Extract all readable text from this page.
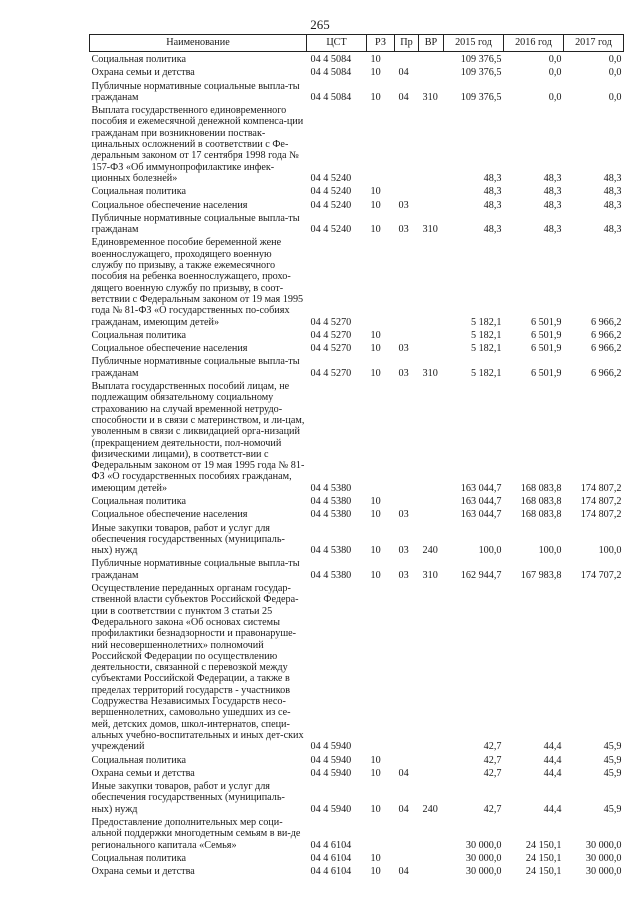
265
Наименование	ЦСТ	РЗ	Пр	ВР	2015 год	2016 год	2017 год
Социальная политика	04 4 5084	10			109 376,5	0,0	0,0
Охрана семьи и детства	04 4 5084	10	04		109 376,5	0,0	0,0
Публичные нормативные социальные выпла-ты гражданам	04 4 5084	10	04	310	109 376,5	0,0	0,0
Выплата государственного единовременного пособия и ежемесячной денежной компенса-ции гражданам при возникновении поствак-цинальных осложнений в соответствии с Фе-деральным законом от 17 сентября 1998 года № 157-ФЗ «Об иммунопрофилактике инфек-ционных болезней»	04 4 5240				48,3	48,3	48,3
Социальная политика	04 4 5240	10			48,3	48,3	48,3
Социальное обеспечение населения	04 4 5240	10	03		48,3	48,3	48,3
Публичные нормативные социальные выпла-ты гражданам	04 4 5240	10	03	310	48,3	48,3	48,3
Единовременное пособие беременной жене военнослужащего, проходящего военную службу по призыву, а также ежемесячного пособия на ребенка военнослужащего, прохо-дящего военную службу по призыву, в соот-ветствии с Федеральным законом от 19 мая 1995 года № 81-ФЗ «О государственных по-собиях гражданам, имеющим детей»	04 4 5270				5 182,1	6 501,9	6 966,2
Социальная политика	04 4 5270	10			5 182,1	6 501,9	6 966,2
Социальное обеспечение населения	04 4 5270	10	03		5 182,1	6 501,9	6 966,2
Публичные нормативные социальные выпла-ты гражданам	04 4 5270	10	03	310	5 182,1	6 501,9	6 966,2
Выплата государственных пособий лицам, не подлежащим обязательному социальному страхованию на случай временной нетрудо-способности и в связи с материнством, и ли-цам, уволенным в связи с ликвидацией орга-низаций (прекращением деятельности, пол-номочий физическими лицами), в соответст-вии с Федеральным законом от 19 мая 1995 года № 81-ФЗ «О государственных пособиях гражданам, имеющим детей»	04 4 5380				163 044,7	168 083,8	174 807,2
Социальная политика	04 4 5380	10			163 044,7	168 083,8	174 807,2
Социальное обеспечение населения	04 4 5380	10	03		163 044,7	168 083,8	174 807,2
Иные закупки товаров, работ и услуг для обеспечения государственных (муниципаль-ных) нужд	04 4 5380	10	03	240	100,0	100,0	100,0
Публичные нормативные социальные выпла-ты гражданам	04 4 5380	10	03	310	162 944,7	167 983,8	174 707,2
Осуществление переданных органам государ-ственной власти субъектов Российской Федера-ции в соответствии с пунктом 3 статьи 25 Федерального закона «Об основах системы профилактики безнадзорности и правонаруше-ний несовершеннолетних» полномочий Российской Федерации по осуществлению деятельности, связанной с перевозкой между субъектами Российской Федерации, а также в пределах территорий государств - участников Содружества Независимых Государств несо-вершеннолетних, самовольно ушедших из се-мей, детских домов, школ-интернатов, специ-альных учебно-воспитательных и иных дет-ских учреждений	04 4 5940				42,7	44,4	45,9
Социальная политика	04 4 5940	10			42,7	44,4	45,9
Охрана семьи и детства	04 4 5940	10	04		42,7	44,4	45,9
Иные закупки товаров, работ и услуг для обеспечения государственных (муниципаль-ных) нужд	04 4 5940	10	04	240	42,7	44,4	45,9
Предоставление дополнительных мер соци-альной поддержки многодетным семьям в ви-де регионального капитала «Семья»	04 4 6104				30 000,0	24 150,1	30 000,0
Социальная политика	04 4 6104	10			30 000,0	24 150,1	30 000,0
Охрана семьи и детства	04 4 6104	10	04		30 000,0	24 150,1	30 000,0
